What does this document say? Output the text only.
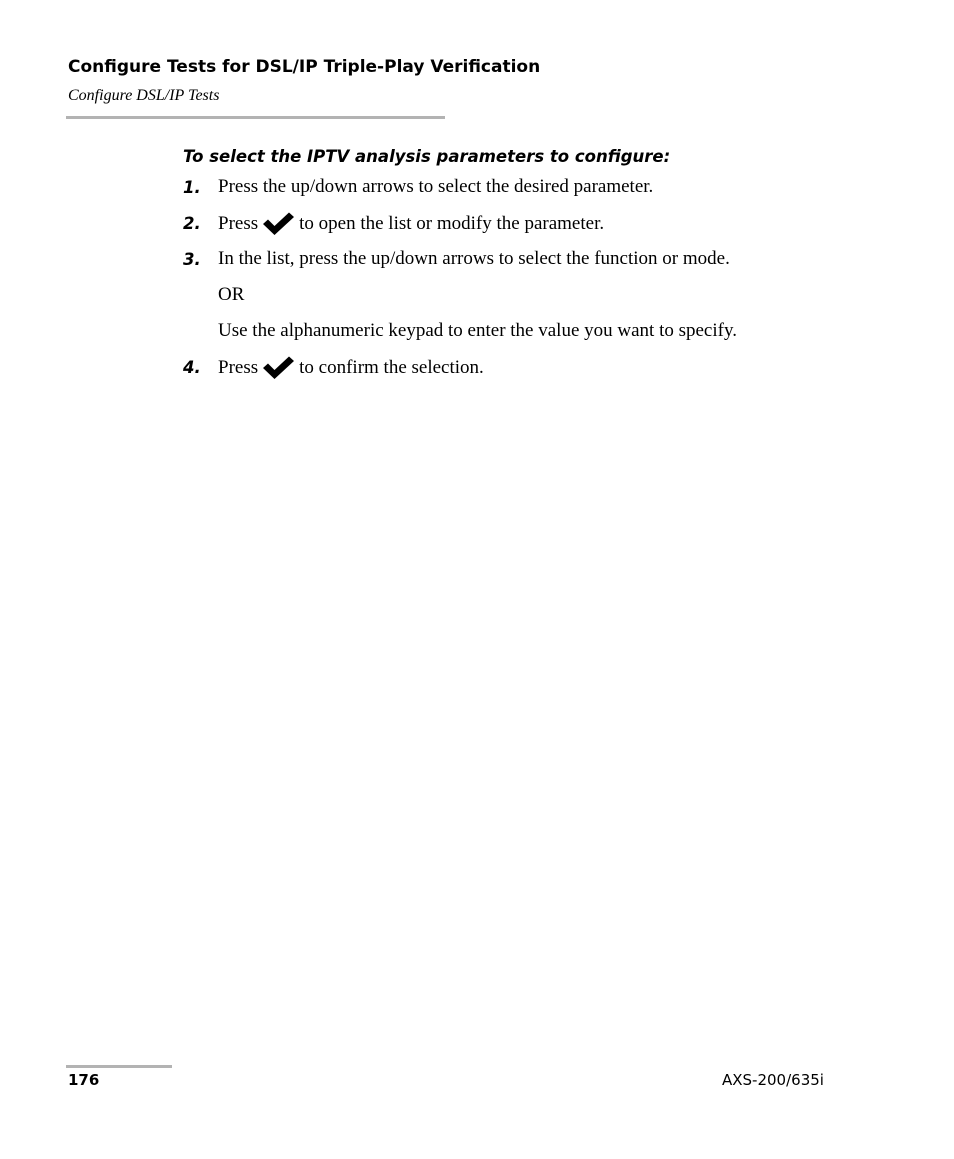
Configure Tests for DSL/IP Triple-Play Verification
Configure DSL/IP Tests
To select the IPTV analysis parameters to configure:
1. Press the up/down arrows to select the desired parameter.
2. Press to open the list or modify the parameter.
3. In the list, press the up/down arrows to select the function or mode.
OR
Use the alphanumeric keypad to enter the value you want to specify.
4. Press to confirm the selection.
176	AXS-200/635i
